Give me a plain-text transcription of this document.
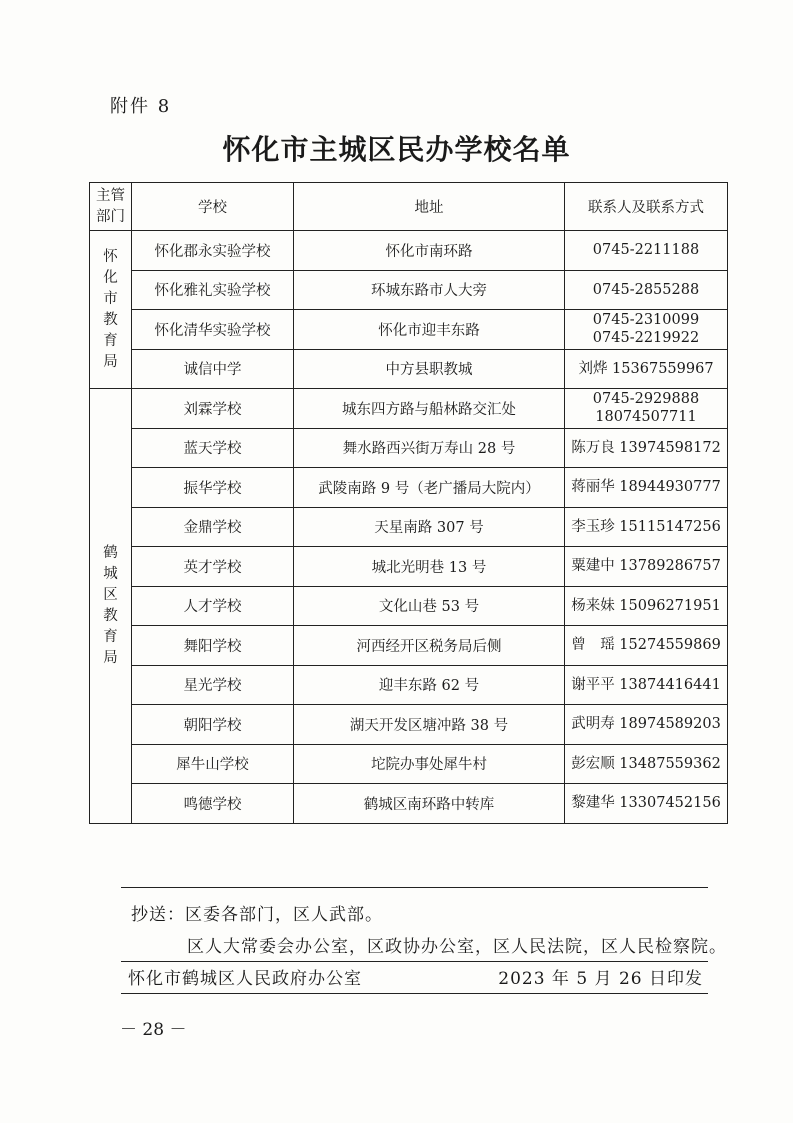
附件 8
怀化市主城区民办学校名单
主管部门	学校	地址	联系人及联系方式
怀化市教育局	怀化郡永实验学校	怀化市南环路	0745-2211188

	怀化雅礼实验学校	环城东路市人大旁	0745-2855288

	怀化清华实验学校	怀化市迎丰东路	0745-2310099
0745-2219922

	诚信中学	中方县职教城	刘烨 15367559967

鹤城区教育局	刘霖学校	城东四方路与船林路交汇处	0745-2929888
18074507711

	蓝天学校	舞水路西兴街万寿山 28 号	陈万良 13974598172

	振华学校	武陵南路 9 号（老广播局大院内）	蒋丽华 18944930777

	金鼎学校	天星南路 307 号	李玉珍 15115147256

	英才学校	城北光明巷 13 号	粟建中 13789286757

	人才学校	文化山巷 53 号	杨来妹 15096271951

	舞阳学校	河西经开区税务局后侧	曾　瑶 15274559869

	星光学校	迎丰东路 62 号	谢平平 13874416441

	朝阳学校	湖天开发区塘冲路 38 号	武明寿 18974589203

	犀牛山学校	坨院办事处犀牛村	彭宏顺 13487559362

	鸣德学校	鹤城区南环路中转库	黎建华 13307452156
抄送：区委各部门，区人武部。
区人大常委会办公室，区政协办公室，区人民法院，区人民检察院。
怀化市鹤城区人民政府办公室	2023 年 5 月 26 日印发
－ 28 －
